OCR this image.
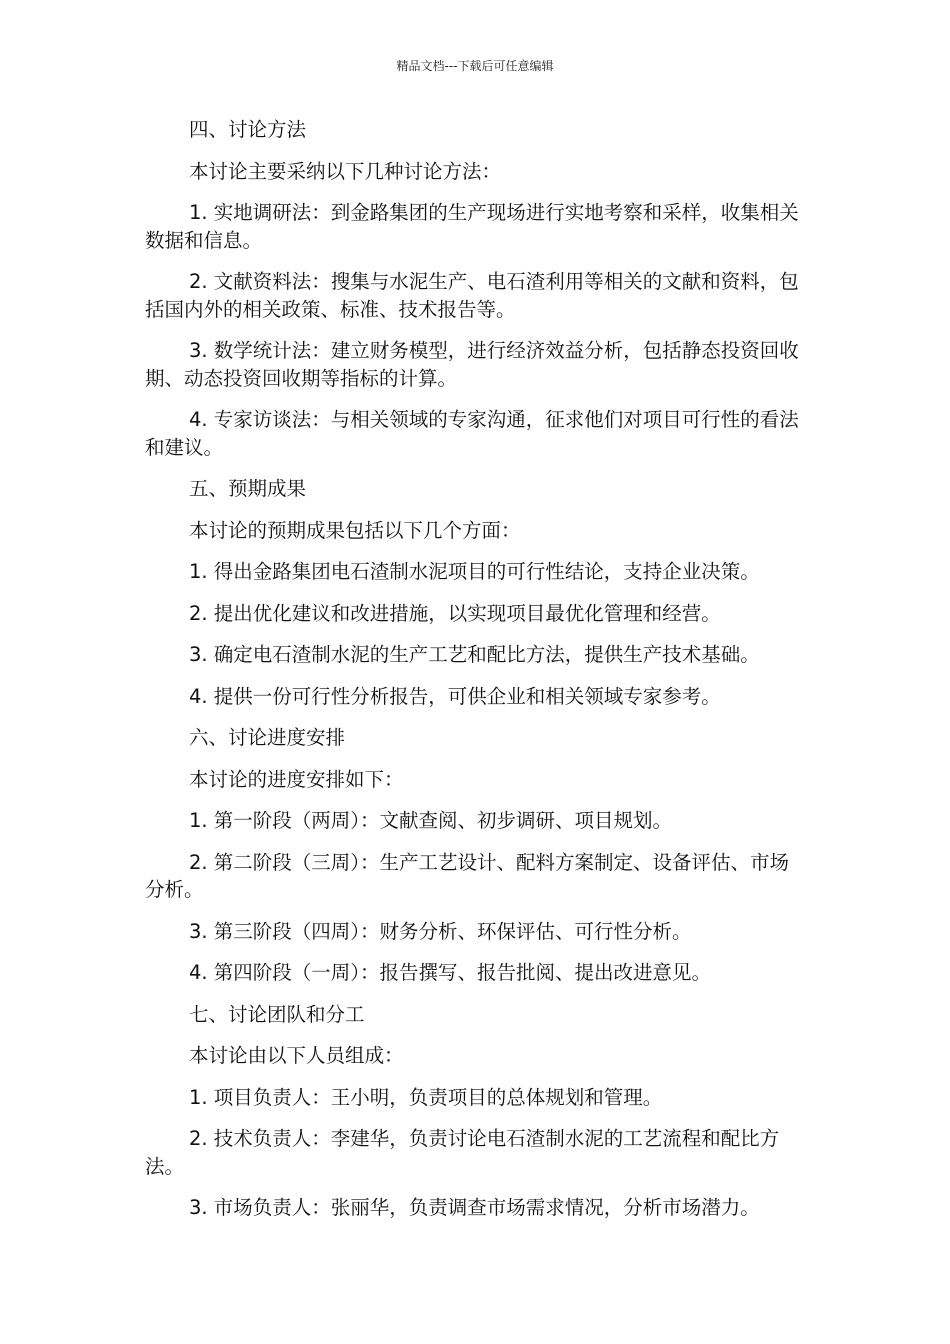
精品文档---下载后可任意编辑

四、讨论方法

本讨论主要采纳以下几种讨论方法：

1. 实地调研法：到金路集团的生产现场进行实地考察和采样，收集相关数据和信息。

2. 文献资料法：搜集与水泥生产、电石渣利用等相关的文献和资料，包括国内外的相关政策、标准、技术报告等。

3. 数学统计法：建立财务模型，进行经济效益分析，包括静态投资回收期、动态投资回收期等指标的计算。

4. 专家访谈法：与相关领域的专家沟通，征求他们对项目可行性的看法和建议。

五、预期成果

本讨论的预期成果包括以下几个方面：

1. 得出金路集团电石渣制水泥项目的可行性结论，支持企业决策。

2. 提出优化建议和改进措施，以实现项目最优化管理和经营。

3. 确定电石渣制水泥的生产工艺和配比方法，提供生产技术基础。

4. 提供一份可行性分析报告，可供企业和相关领域专家参考。

六、讨论进度安排

本讨论的进度安排如下：

1. 第一阶段（两周）：文献查阅、初步调研、项目规划。

2. 第二阶段（三周）：生产工艺设计、配料方案制定、设备评估、市场分析。

3. 第三阶段（四周）：财务分析、环保评估、可行性分析。

4. 第四阶段（一周）：报告撰写、报告批阅、提出改进意见。

七、讨论团队和分工

本讨论由以下人员组成：

1. 项目负责人：王小明，负责项目的总体规划和管理。

2. 技术负责人：李建华，负责讨论电石渣制水泥的工艺流程和配比方法。

3. 市场负责人：张丽华，负责调查市场需求情况，分析市场潜力。
